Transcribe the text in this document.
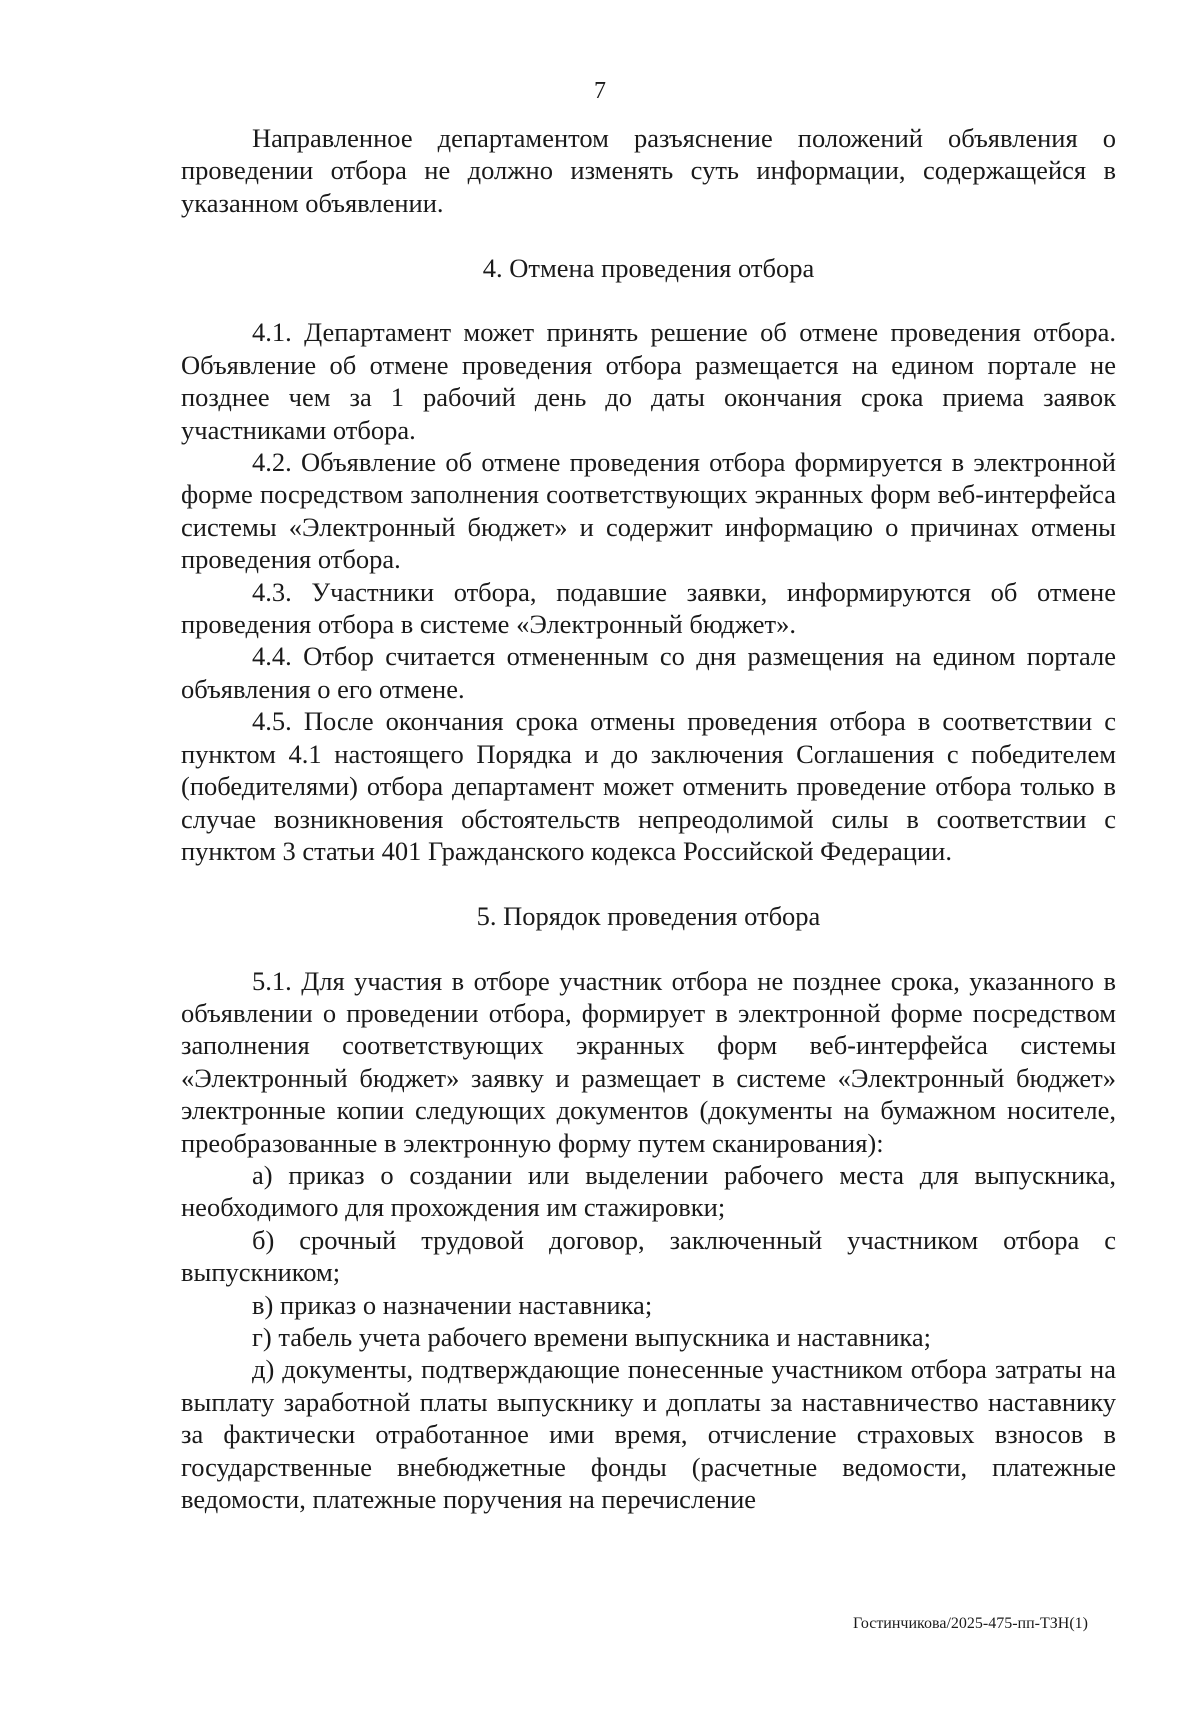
7

Направленное департаментом разъяснение положений объявления о проведении отбора не должно изменять суть информации, содержащейся в указанном объявлении.

4. Отмена проведения отбора

4.1. Департамент может принять решение об отмене проведения отбора. Объявление об отмене проведения отбора размещается на едином портале не позднее чем за 1 рабочий день до даты окончания срока приема заявок участниками отбора.

4.2. Объявление об отмене проведения отбора формируется в электронной форме посредством заполнения соответствующих экранных форм веб-интерфейса системы «Электронный бюджет» и содержит информацию о причинах отмены проведения отбора.

4.3. Участники отбора, подавшие заявки, информируются об отмене проведения отбора в системе «Электронный бюджет».

4.4. Отбор считается отмененным со дня размещения на едином портале объявления о его отмене.

4.5. После окончания срока отмены проведения отбора в соответствии с пунктом 4.1 настоящего Порядка и до заключения Соглашения с победителем (победителями) отбора департамент может отменить проведение отбора только в случае возникновения обстоятельств непреодолимой силы в соответствии с пунктом 3 статьи 401 Гражданского кодекса Российской Федерации.

5. Порядок проведения отбора

5.1. Для участия в отборе участник отбора не позднее срока, указанного в объявлении о проведении отбора, формирует в электронной форме посредством заполнения соответствующих экранных форм веб-интерфейса системы «Электронный бюджет» заявку и размещает в системе «Электронный бюджет» электронные копии следующих документов (документы на бумажном носителе, преобразованные в электронную форму путем сканирования):

а) приказ о создании или выделении рабочего места для выпускника, необходимого для прохождения им стажировки;

б) срочный трудовой договор, заключенный участником отбора с выпускником;

в) приказ о назначении наставника;

г) табель учета рабочего времени выпускника и наставника;

д) документы, подтверждающие понесенные участником отбора затраты на выплату заработной платы выпускнику и доплаты за наставничество наставнику за фактически отработанное ими время, отчисление страховых взносов в государственные внебюджетные фонды (расчетные ведомости, платежные ведомости, платежные поручения на перечисление

Гостинчикова/2025-475-пп-ТЗН(1)
